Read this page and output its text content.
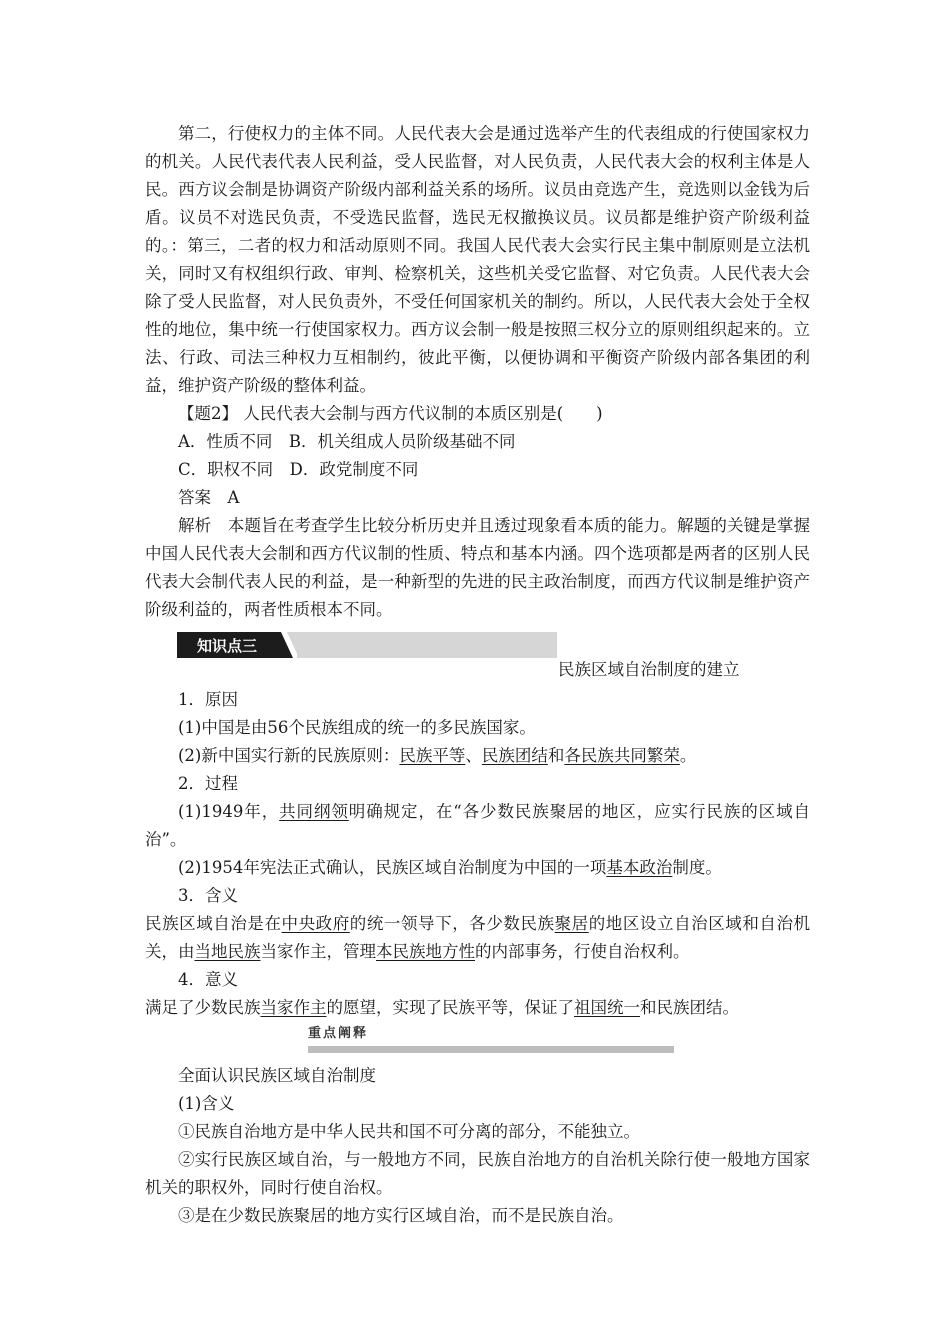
第二，行使权力的主体不同。人民代表大会是通过选举产生的代表组成的行使国家权力的机关。人民代表代表人民利益，受人民监督，对人民负责，人民代表大会的权利主体是人民。西方议会制是协调资产阶级内部利益关系的场所。议员由竞选产生，竞选则以金钱为后盾。议员不对选民负责，不受选民监督，选民无权撤换议员。议员都是维护资产阶级利益的。：第三，二者的权力和活动原则不同。我国人民代表大会实行民主集中制原则是立法机关，同时又有权组织行政、审判、检察机关，这些机关受它监督、对它负责。人民代表大会除了受人民监督，对人民负责外，不受任何国家机关的制约。所以，人民代表大会处于全权性的地位，集中统一行使国家权力。西方议会制一般是按照三权分立的原则组织起来的。立法、行政、司法三种权力互相制约，彼此平衡，以便协调和平衡资产阶级内部各集团的利益，维护资产阶级的整体利益。

【题2】 人民代表大会制与西方代议制的本质区别是(　　)

A．性质不同　B．机关组成人员阶级基础不同

C．职权不同　D．政党制度不同

答案　A

解析　本题旨在考查学生比较分析历史并且透过现象看本质的能力。解题的关键是掌握中国人民代表大会制和西方代议制的性质、特点和基本内涵。四个选项都是两者的区别人民代表大会制代表人民的利益，是一种新型的先进的民主政治制度，而西方代议制是维护资产阶级利益的，两者性质根本不同。

知识点三
民族区域自治制度的建立

1．原因

(1)中国是由56个民族组成的统一的多民族国家。

(2)新中国实行新的民族原则：民族平等、民族团结和各民族共同繁荣。

2．过程

(1)1949年，共同纲领明确规定，在“各少数民族聚居的地区，应实行民族的区域自治”。

(2)1954年宪法正式确认，民族区域自治制度为中国的一项基本政治制度。

3．含义

民族区域自治是在中央政府的统一领导下，各少数民族聚居的地区设立自治区域和自治机关，由当地民族当家作主，管理本民族地方性的内部事务，行使自治权利。

4．意义

满足了少数民族当家作主的愿望，实现了民族平等，保证了祖国统一和民族团结。

重点阐释

全面认识民族区域自治制度

(1)含义

①民族自治地方是中华人民共和国不可分离的部分，不能独立。

②实行民族区域自治，与一般地方不同，民族自治地方的自治机关除行使一般地方国家机关的职权外，同时行使自治权。

③是在少数民族聚居的地方实行区域自治，而不是民族自治。
